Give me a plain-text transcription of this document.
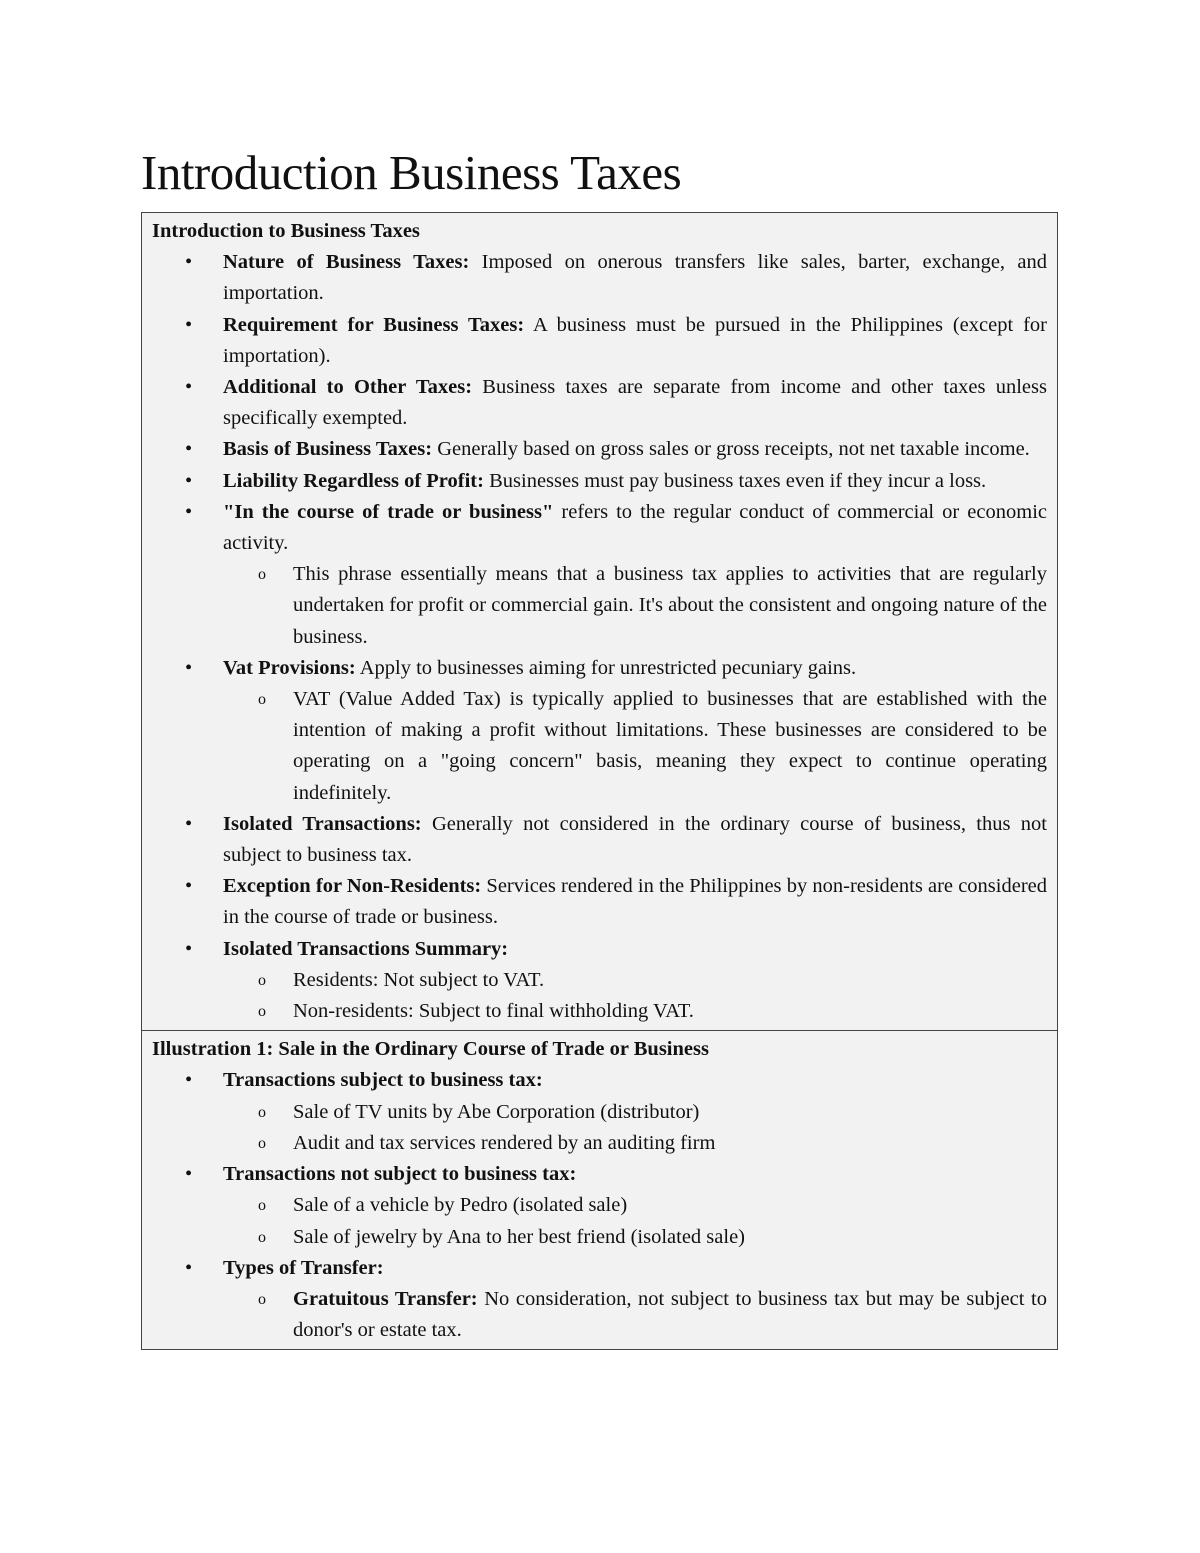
Introduction Business Taxes
Introduction to Business Taxes
• Nature of Business Taxes: Imposed on onerous transfers like sales, barter, exchange, and importation.
• Requirement for Business Taxes: A business must be pursued in the Philippines (except for importation).
• Additional to Other Taxes: Business taxes are separate from income and other taxes unless specifically exempted.
• Basis of Business Taxes: Generally based on gross sales or gross receipts, not net taxable income.
• Liability Regardless of Profit: Businesses must pay business taxes even if they incur a loss.
• "In the course of trade or business" refers to the regular conduct of commercial or economic activity.
o This phrase essentially means that a business tax applies to activities that are regularly undertaken for profit or commercial gain. It's about the consistent and ongoing nature of the business.
• Vat Provisions: Apply to businesses aiming for unrestricted pecuniary gains.
o VAT (Value Added Tax) is typically applied to businesses that are established with the intention of making a profit without limitations. These businesses are considered to be operating on a "going concern" basis, meaning they expect to continue operating indefinitely.
• Isolated Transactions: Generally not considered in the ordinary course of business, thus not subject to business tax.
• Exception for Non-Residents: Services rendered in the Philippines by non-residents are considered in the course of trade or business.
• Isolated Transactions Summary:
o Residents: Not subject to VAT.
o Non-residents: Subject to final withholding VAT.
Illustration 1: Sale in the Ordinary Course of Trade or Business
• Transactions subject to business tax:
o Sale of TV units by Abe Corporation (distributor)
o Audit and tax services rendered by an auditing firm
• Transactions not subject to business tax:
o Sale of a vehicle by Pedro (isolated sale)
o Sale of jewelry by Ana to her best friend (isolated sale)
• Types of Transfer:
o Gratuitous Transfer: No consideration, not subject to business tax but may be subject to donor's or estate tax.
